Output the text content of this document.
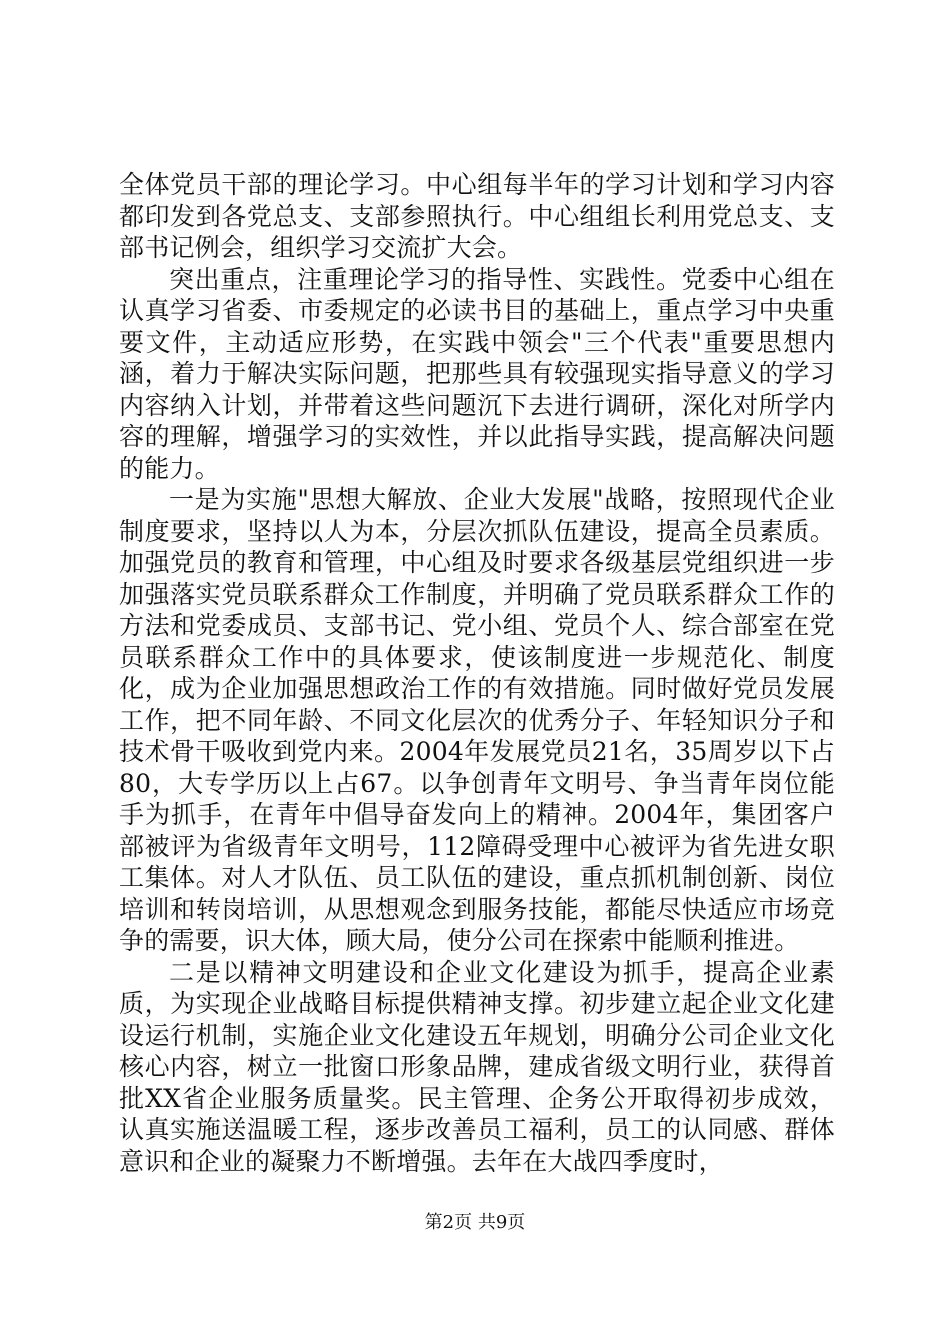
全体党员干部的理论学习。中心组每半年的学习计划和学习内容都印发到各党总支、支部参照执行。中心组组长利用党总支、支部书记例会，组织学习交流扩大会。

突出重点，注重理论学习的指导性、实践性。党委中心组在认真学习省委、市委规定的必读书目的基础上，重点学习中央重要文件，主动适应形势，在实践中领会"三个代表"重要思想内涵，着力于解决实际问题，把那些具有较强现实指导意义的学习内容纳入计划，并带着这些问题沉下去进行调研，深化对所学内容的理解，增强学习的实效性，并以此指导实践，提高解决问题的能力。

一是为实施"思想大解放、企业大发展"战略，按照现代企业制度要求，坚持以人为本，分层次抓队伍建设，提高全员素质。加强党员的教育和管理，中心组及时要求各级基层党组织进一步加强落实党员联系群众工作制度，并明确了党员联系群众工作的方法和党委成员、支部书记、党小组、党员个人、综合部室在党员联系群众工作中的具体要求，使该制度进一步规范化、制度化，成为企业加强思想政治工作的有效措施。同时做好党员发展工作，把不同年龄、不同文化层次的优秀分子、年轻知识分子和技术骨干吸收到党内来。2004年发展党员21名，35周岁以下占80，大专学历以上占67。以争创青年文明号、争当青年岗位能手为抓手，在青年中倡导奋发向上的精神。2004年，集团客户部被评为省级青年文明号，112障碍受理中心被评为省先进女职工集体。对人才队伍、员工队伍的建设，重点抓机制创新、岗位培训和转岗培训，从思想观念到服务技能，都能尽快适应市场竞争的需要，识大体，顾大局，使分公司在探索中能顺利推进。

二是以精神文明建设和企业文化建设为抓手，提高企业素质，为实现企业战略目标提供精神支撑。初步建立起企业文化建设运行机制，实施企业文化建设五年规划，明确分公司企业文化核心内容，树立一批窗口形象品牌，建成省级文明行业，获得首批XX省企业服务质量奖。民主管理、企务公开取得初步成效，认真实施送温暖工程，逐步改善员工福利，员工的认同感、群体意识和企业的凝聚力不断增强。去年在大战四季度时，

第2页 共9页
